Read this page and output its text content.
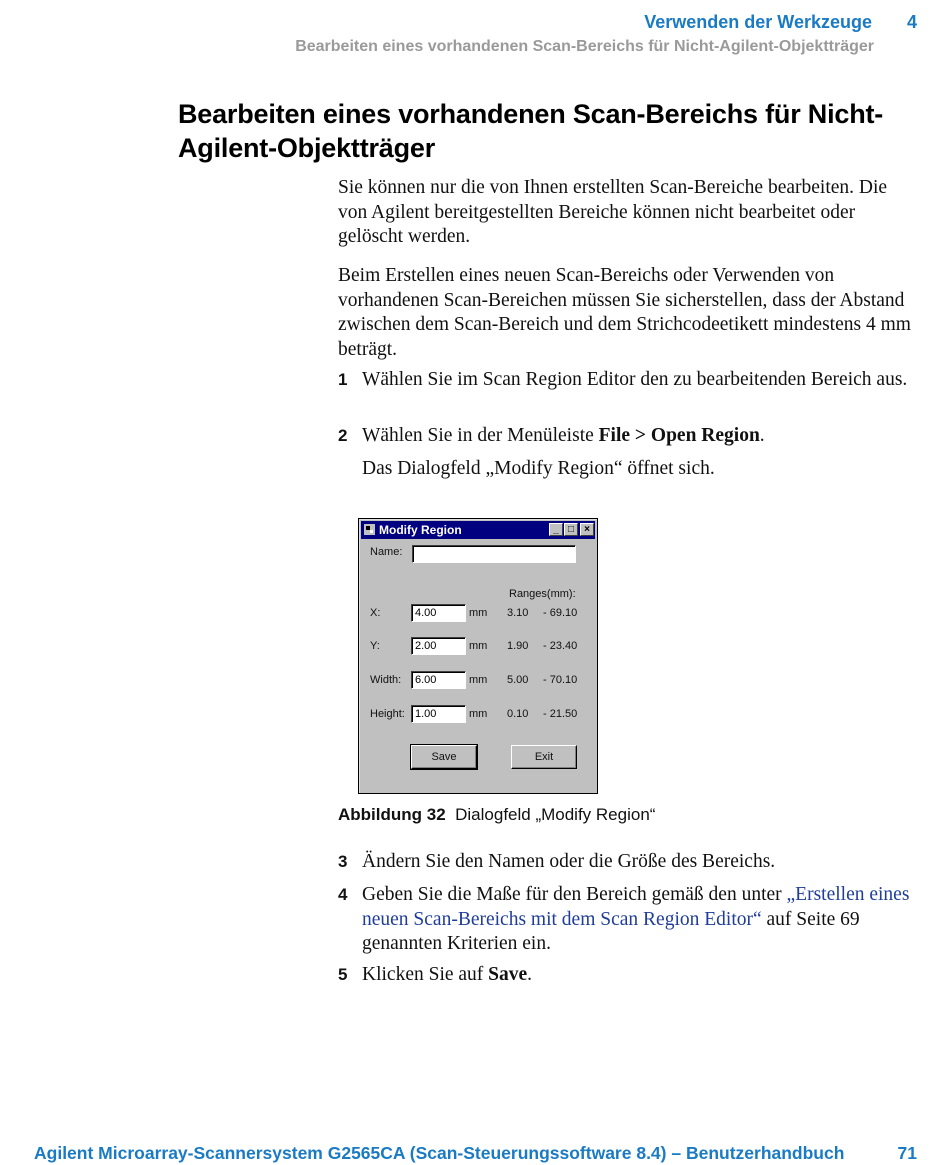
Verwenden der Werkzeuge 4
Bearbeiten eines vorhandenen Scan-Bereichs für Nicht-Agilent-Objektträger
Bearbeiten eines vorhandenen Scan-Bereichs für Nicht-Agilent-Objektträger
Sie können nur die von Ihnen erstellten Scan-Bereiche bearbeiten. Die von Agilent bereitgestellten Bereiche können nicht bearbeitet oder gelöscht werden.
Beim Erstellen eines neuen Scan-Bereichs oder Verwenden von vorhandenen Scan-Bereichen müssen Sie sicherstellen, dass der Abstand zwischen dem Scan-Bereich und dem Strichcodeetikett mindestens 4 mm beträgt.
1 Wählen Sie im Scan Region Editor den zu bearbeitenden Bereich aus.
2 Wählen Sie in der Menüleiste File > Open Region.
Das Dialogfeld „Modify Region“ öffnet sich.
Modify Region	_ □	×
Name:
Ranges(mm):
X:	4.00	mm 3.10 - 69.10
Y:	2.00	mm 1.90 - 23.40
Width:	6.00	mm 5.00 - 70.10
Height: 1.00	mm 0.10 - 21.50
Save	Exit
Abbildung 32 Dialogfeld „Modify Region“
3 Ändern Sie den Namen oder die Größe des Bereichs.
4 Geben Sie die Maße für den Bereich gemäß den unter „Erstellen eines neuen Scan-Bereichs mit dem Scan Region Editor“ auf Seite 69 genannten Kriterien ein.
5 Klicken Sie auf Save.
Agilent Microarray-Scannersystem G2565CA (Scan-Steuerungssoftware 8.4) – Benutzerhandbuch	71
